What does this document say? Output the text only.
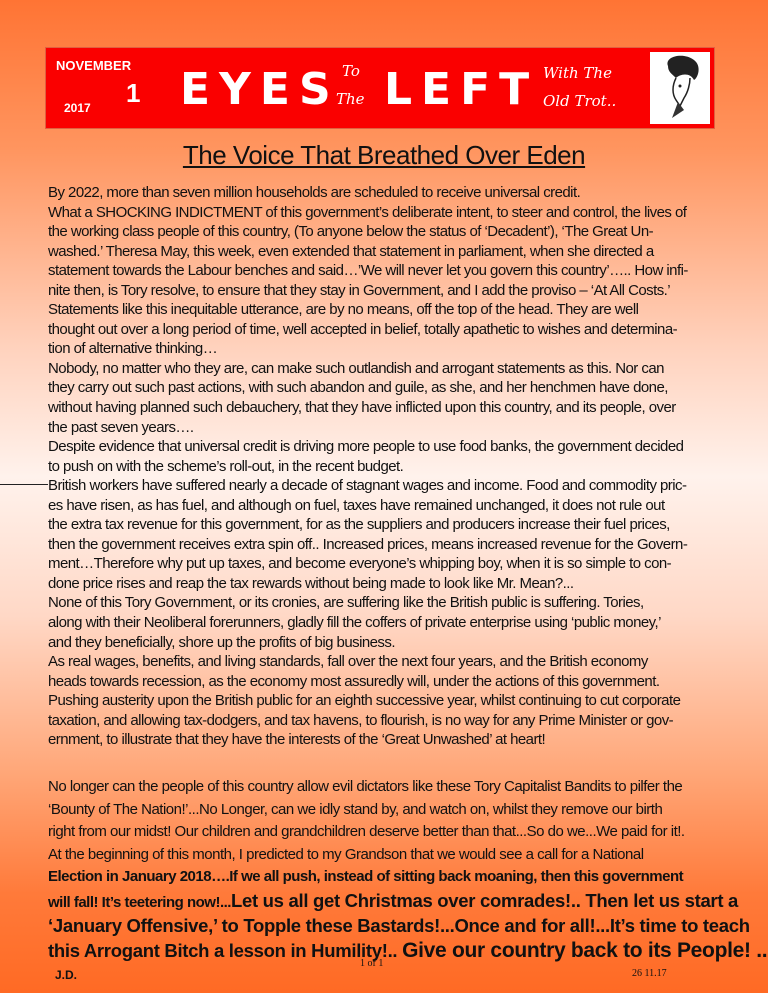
NOVEMBER
2017 1 EYES To
The LEFT With The
Old Trot..
The Voice That Breathed Over Eden
By 2022, more than seven million households are scheduled to receive universal credit.
What a SHOCKING INDICTMENT of this government’s deliberate intent, to steer and control, the lives of
the working class people of this country, (To anyone below the status of ‘Decadent’), ‘The Great Un-
washed.’ Theresa May, this week, even extended that statement in parliament, when she directed a
statement towards the Labour benches and said…’We will never let you govern this country’….. How infi-
nite then, is Tory resolve, to ensure that they stay in Government, and I add the proviso – ‘At All Costs.’
Statements like this inequitable utterance, are by no means, off the top of the head. They are well
thought out over a long period of time, well accepted in belief, totally apathetic to wishes and determina-
tion of alternative thinking…
Nobody, no matter who they are, can make such outlandish and arrogant statements as this. Nor can
they carry out such past actions, with such abandon and guile, as she, and her henchmen have done,
without having planned such debauchery, that they have inflicted upon this country, and its people, over
the past seven years….
Despite evidence that universal credit is driving more people to use food banks, the government decided
to push on with the scheme’s roll-out, in the recent budget.
British workers have suffered nearly a decade of stagnant wages and income. Food and commodity pric-
es have risen, as has fuel, and although on fuel, taxes have remained unchanged, it does not rule out
the extra tax revenue for this government, for as the suppliers and producers increase their fuel prices,
then the government receives extra spin off.. Increased prices, means increased revenue for the Govern-
ment…Therefore why put up taxes, and become everyone’s whipping boy, when it is so simple to con-
done price rises and reap the tax rewards without being made to look like Mr. Mean?...
None of this Tory Government, or its cronies, are suffering like the British public is suffering. Tories,
along with their Neoliberal forerunners, gladly fill the coffers of private enterprise using ‘public money,’
and they beneficially, shore up the profits of big business.
As real wages, benefits, and living standards, fall over the next four years, and the British economy
heads towards recession, as the economy most assuredly will, under the actions of this government.
Pushing austerity upon the British public for an eighth successive year, whilst continuing to cut corporate
taxation, and allowing tax-dodgers, and tax havens, to flourish, is no way for any Prime Minister or gov-
ernment, to illustrate that they have the interests of the ‘Great Unwashed’ at heart!
No longer can the people of this country allow evil dictators like these Tory Capitalist Bandits to pilfer the
‘Bounty of The Nation!’...No Longer, can we idly stand by, and watch on, whilst they remove our birth
right from our midst! Our children and grandchildren deserve better than that...So do we...We paid for it!.
At the beginning of this month, I predicted to my Grandson that we would see a call for a National
Election in January 2018….If we all push, instead of sitting back moaning, then this government
will fall! It’s teetering now!...Let us all get Christmas over comrades!.. Then let us start a
‘January Offensive,’ to Topple these Bastards!...Once and for all!...It’s time to teach
this Arrogant Bitch a lesson in Humility!.. Give our country back to its People! ..
J.D.
1 of 1
26 11.17
